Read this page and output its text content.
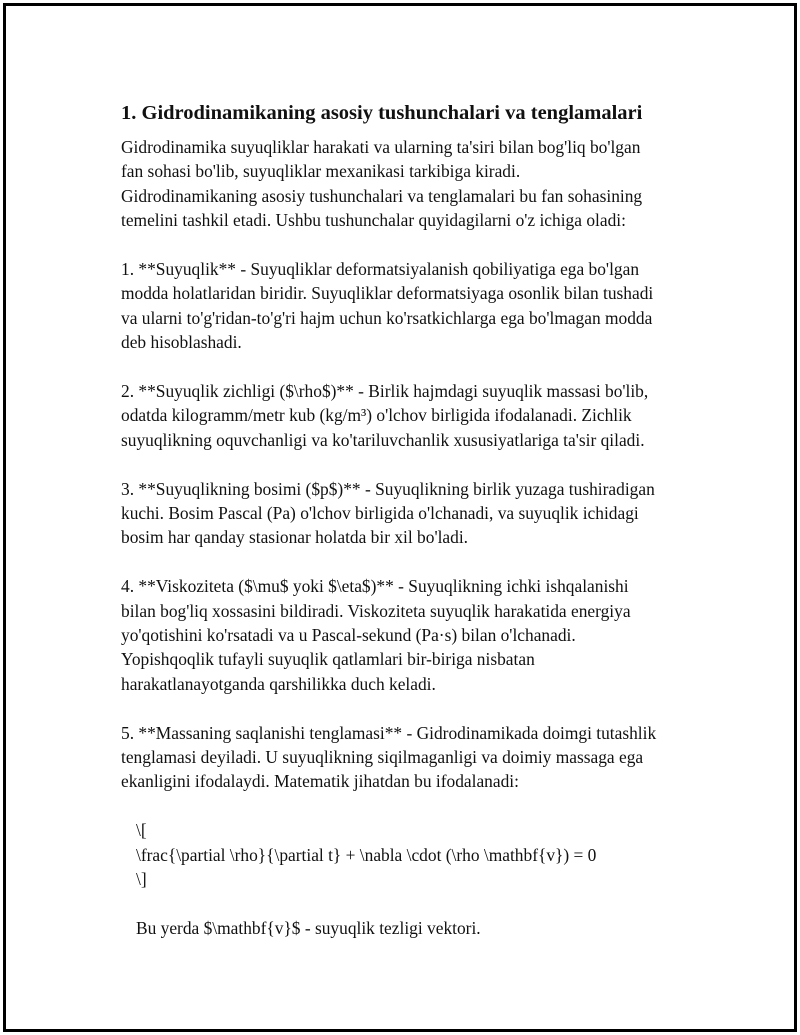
1. Gidrodinamikaning asosiy tushunchalari va tenglamalari
Gidrodinamika suyuqliklar harakati va ularning ta'siri bilan bog'liq bo'lgan
fan sohasi bo'lib, suyuqliklar mexanikasi tarkibiga kiradi.
Gidrodinamikaning asosiy tushunchalari va tenglamalari bu fan sohasining
temelini tashkil etadi. Ushbu tushunchalar quyidagilarni o'z ichiga oladi:
1. **Suyuqlik** - Suyuqliklar deformatsiyalanish qobiliyatiga ega bo'lgan
modda holatlaridan biridir. Suyuqliklar deformatsiyaga osonlik bilan tushadi
va ularni to'g'ridan-to'g'ri hajm uchun ko'rsatkichlarga ega bo'lmagan modda
deb hisoblashadi.
2. **Suyuqlik zichligi ($\rho$)** - Birlik hajmdagi suyuqlik massasi bo'lib,
odatda kilogramm/metr kub (kg/m³) o'lchov birligida ifodalanadi. Zichlik
suyuqlikning oquvchanligi va ko'tariluvchanlik xususiyatlariga ta'sir qiladi.
3. **Suyuqlikning bosimi ($p$)** - Suyuqlikning birlik yuzaga tushiradigan
kuchi. Bosim Pascal (Pa) o'lchov birligida o'lchanadi, va suyuqlik ichidagi
bosim har qanday stasionar holatda bir xil bo'ladi.
4. **Viskoziteta ($\mu$ yoki $\eta$)** - Suyuqlikning ichki ishqalanishi
bilan bog'liq xossasini bildiradi. Viskoziteta suyuqlik harakatida energiya
yo'qotishini ko'rsatadi va u Pascal-sekund (Pa·s) bilan o'lchanadi.
Yopishqoqlik tufayli suyuqlik qatlamlari bir-biriga nisbatan
harakatlanayotganda qarshilikka duch keladi.
5. **Massaning saqlanishi tenglamasi** - Gidrodinamikada doimgi tutashlik
tenglamasi deyiladi. U suyuqlikning siqilmaganligi va doimiy massaga ega
ekanligini ifodalaydi. Matematik jihatdan bu ifodalanadi:
\[
\frac{\partial \rho}{\partial t} + \nabla \cdot (\rho \mathbf{v}) = 0
\]
Bu yerda $\mathbf{v}$ - suyuqlik tezligi vektori.
